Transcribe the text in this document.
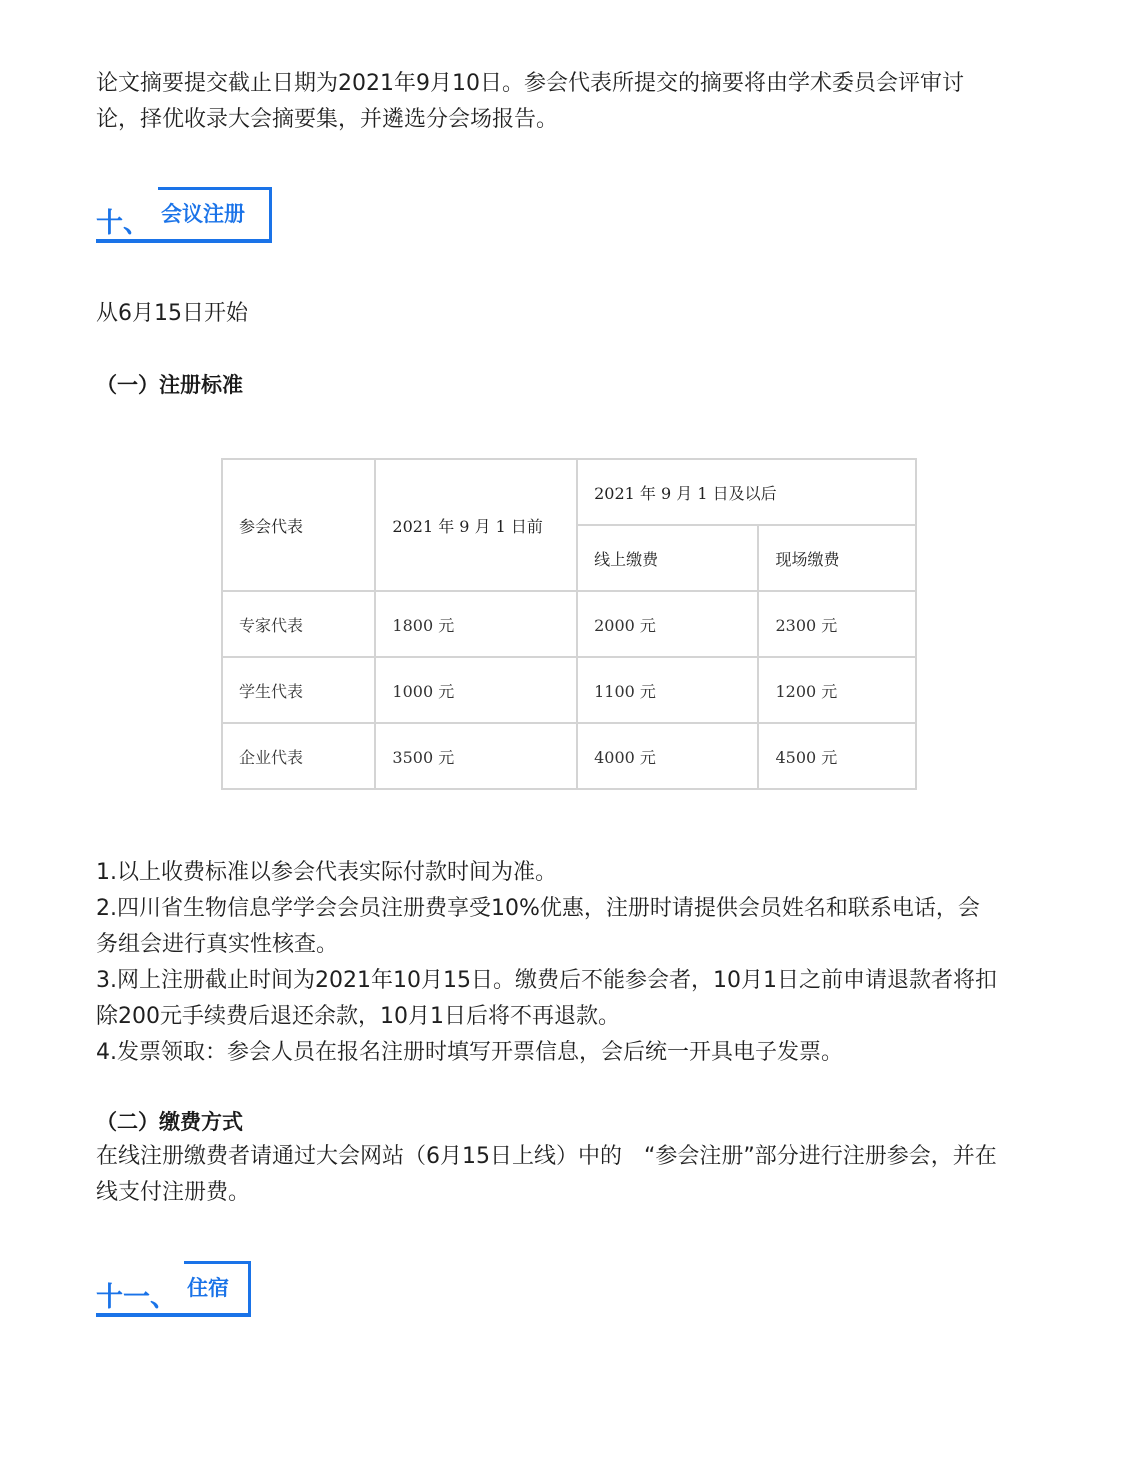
论文摘要提交截止日期为2021年9月10日。参会代表所提交的摘要将由学术委员会评审讨

论，择优收录大会摘要集，并遴选分会场报告。

十、 会议注册

从6月15日开始

（一）注册标准
参会代表	2021 年 9 月 1 日前	2021 年 9 月 1 日及以后	
		线上缴费	现场缴费
专家代表	1800 元	2000 元	2300 元
学生代表	1000 元	1100 元	1200 元
企业代表	3500 元	4000 元	4500 元

1.以上收费标准以参会代表实际付款时间为准。

2.四川省生物信息学学会会员注册费享受10%优惠，注册时请提供会员姓名和联系电话，会

务组会进行真实性核查。

3.网上注册截止时间为2021年10月15日。缴费后不能参会者，10月1日之前申请退款者将扣

除200元手续费后退还余款，10月1日后将不再退款。

4.发票领取：参会人员在报名注册时填写开票信息，会后统一开具电子发票。

（二）缴费方式

在线注册缴费者请通过大会网站（6月15日上线）中的　“参会注册”部分进行注册参会，并在

线支付注册费。

十一、 住宿
